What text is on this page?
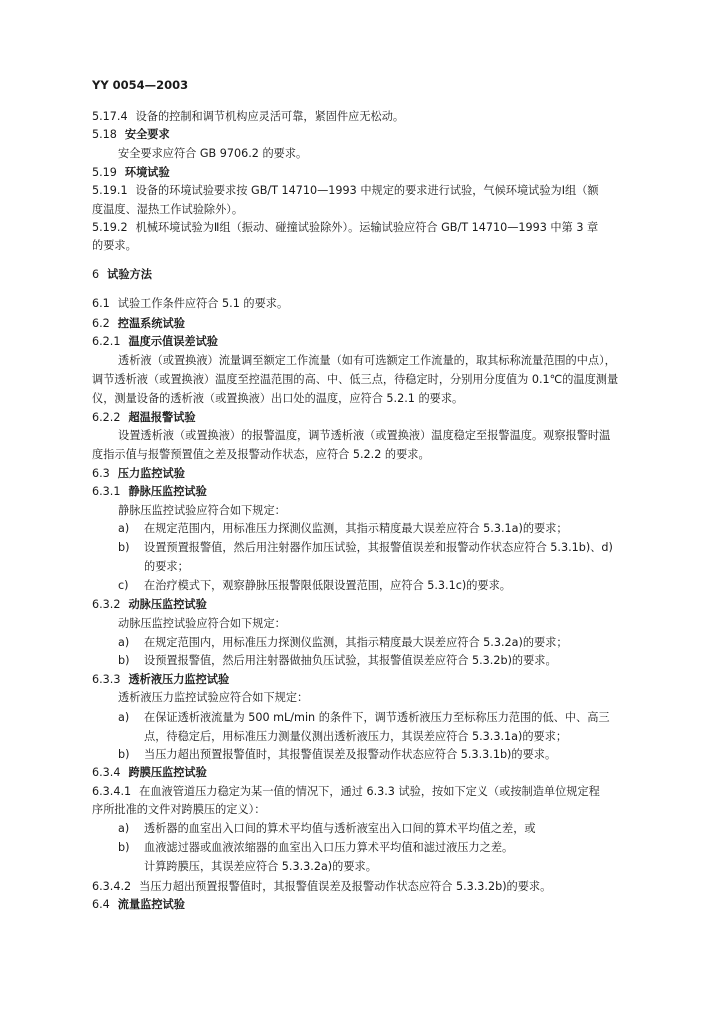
YY 0054—2003
5.17.4 设备的控制和调节机构应灵活可靠，紧固件应无松动。
5.18 安全要求
安全要求应符合 GB 9706.2 的要求。
5.19 环境试验
5.19.1 设备的环境试验要求按 GB/T 14710—1993 中规定的要求进行试验，气候环境试验为Ⅰ组（额
度温度、湿热工作试验除外）。
5.19.2 机械环境试验为Ⅱ组（振动、碰撞试验除外）。运输试验应符合 GB/T 14710—1993 中第 3 章
的要求。
6 试验方法
6.1 试验工作条件应符合 5.1 的要求。
6.2 控温系统试验
6.2.1 温度示值误差试验
透析液（或置换液）流量调至额定工作流量（如有可选额定工作流量的，取其标称流量范围的中点），
调节透析液（或置换液）温度至控温范围的高、中、低三点，待稳定时，分别用分度值为 0.1℃的温度测量
仪，测量设备的透析液（或置换液）出口处的温度，应符合 5.2.1 的要求。
6.2.2 超温报警试验
设置透析液（或置换液）的报警温度，调节透析液（或置换液）温度稳定至报警温度。观察报警时温
度指示值与报警预置值之差及报警动作状态，应符合 5.2.2 的要求。
6.3 压力监控试验
6.3.1 静脉压监控试验
静脉压监控试验应符合如下规定：
a) 在规定范围内，用标准压力探測仪监测，其指示精度最大误差应符合 5.3.1a)的要求；
b) 设置预置报警值，然后用注射器作加压试验，其报警值误差和报警动作状态应符合 5.3.1b)、d)
的要求；
c) 在治疗模式下，观察静脉压报警限低限设置范围，应符合 5.3.1c)的要求。
6.3.2 动脉压监控试验
动脉压监控试验应符合如下规定：
a) 在规定范围内，用标准压力探测仪监测，其指示精度最大误差应符合 5.3.2a)的要求；
b) 设预置报警值，然后用注射器做抽负压试验，其报警值误差应符合 5.3.2b)的要求。
6.3.3 透析液压力监控试验
透析液压力监控试验应符合如下规定：
a) 在保证透析液流量为 500 mL/min 的条件下，调节透析液压力至标称压力范围的低、中、高三
点，待稳定后，用标准压力测量仪测出透析液压力，其误差应符合 5.3.3.1a)的要求；
b) 当压力超出预置报警值时，其报警值误差及报警动作状态应符合 5.3.3.1b)的要求。
6.3.4 跨膜压监控试验
6.3.4.1 在血液管道压力稳定为某一值的情况下，通过 6.3.3 试验，按如下定义（或按制造单位规定程
序所批准的文件对跨膜压的定义）：
a) 透析器的血室出入口间的算术平均值与透析液室出入口间的算术平均值之差，或
b) 血液滤过器或血液浓缩器的血室出入口压力算术平均值和滤过液压力之差。
计算跨膜压，其误差应符合 5.3.3.2a)的要求。
6.3.4.2 当压力超出预置报警值时，其报警值误差及报警动作状态应符合 5.3.3.2b)的要求。
6.4 流量监控试验
